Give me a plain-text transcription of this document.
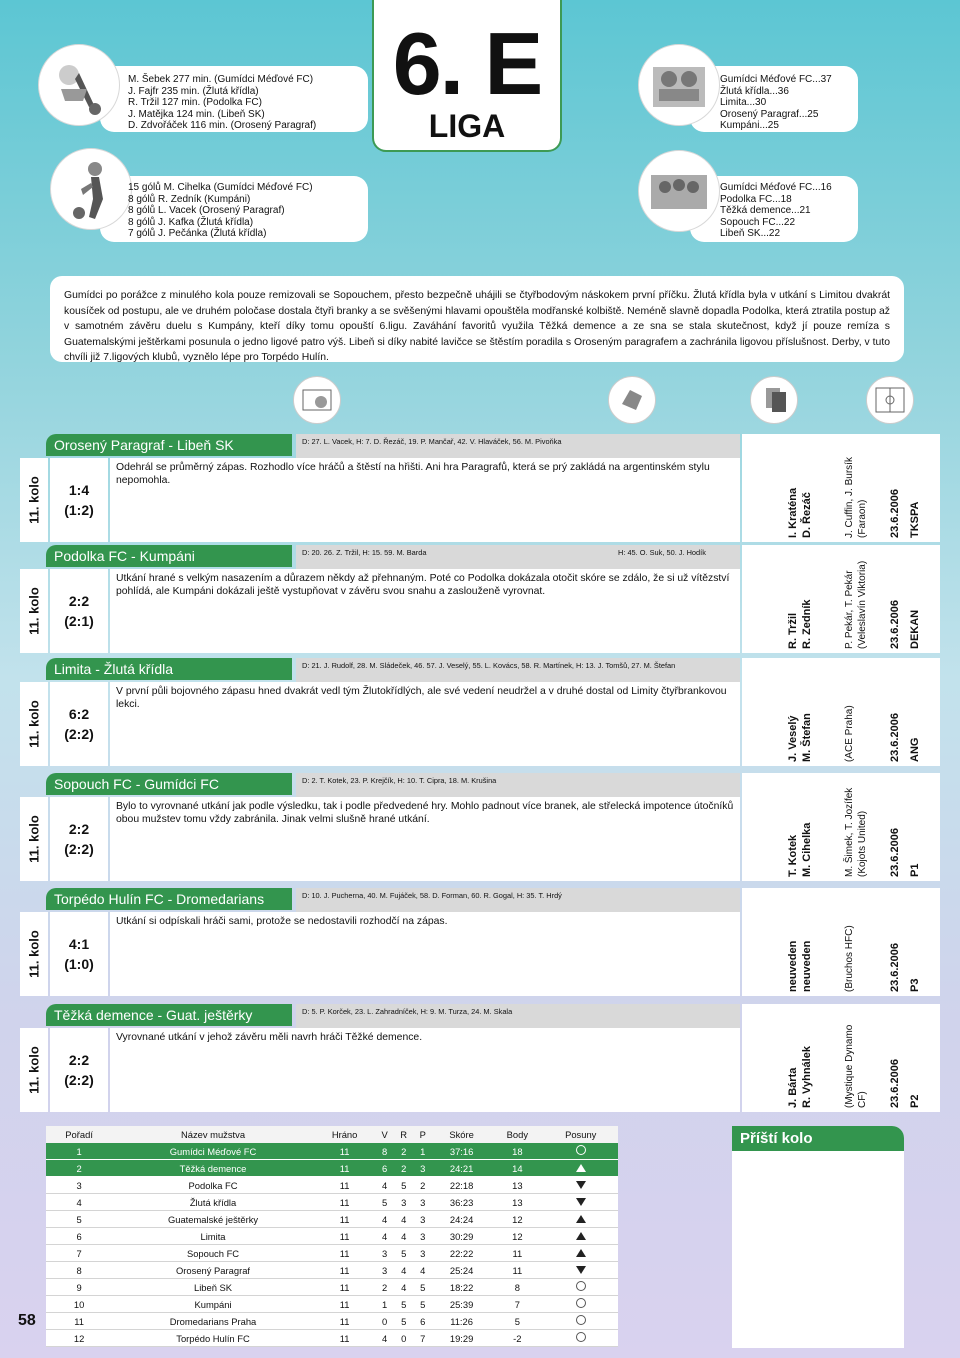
6. E
LIGA
M. Šebek 277 min. (Gumídci Méďové FC)
J. Fajfr 235 min. (Žlutá křídla)
R. Tržil 127 min. (Podolka FC)
J. Matějka 124 min. (Libeň SK)
D. Zdvořáček 116 min. (Orosený Paragraf)
Gumídci Méďové FC...37
Žlutá křídla...36
Limita...30
Orosený Paragraf...25
Kumpáni...25
15 gólů M. Cihelka (Gumídci Méďové FC)
8 gólů R. Zedník (Kumpáni)
8 gólů L. Vacek (Orosený Paragraf)
8 gólů J. Kafka (Žlutá křídla)
7 gólů J. Pečánka (Žlutá křídla)
Gumídci Méďové FC...16
Podolka FC...18
Těžká demence...21
Sopouch FC...22
Libeň SK...22
Gumídci po porážce z minulého kola pouze remizovali se Sopouchem, přesto bezpečně uhájili se čtyřbodovým náskokem první příčku. Žlutá křídla byla v utkání s Limitou dvakrát kousíček od postupu, ale ve druhém poločase dostala čtyři branky a se svěšenými hlavami opouštěla modřanské kolbiště. Neméně slavně dopadla Podolka, která ztratila postup až v samotném závěru duelu s Kumpány, kteří díky tomu opouští 6.ligu. Zaváhání favoritů využila Těžká demence a ze sna se stala skutečnost, když jí pouze remíza s Guatemalskými ještěrkami posunula o jedno ligové patro výš. Libeň si díky nabité lavičce se štěstím poradila s Oroseným paragrafem a zachránila ligovou příslušnost. Derby, v tuto chvíli již 7.ligových klubů, vyznělo lépe pro Torpédo Hulín.
11. kolo	1:4
(1:2)
Orosený Paragraf - Libeň SK	D: 27. L. Vacek, H: 7. D. Řezáč, 19. P. Mančař, 42. V. Hlaváček, 56. M. Pivoňka
Odehrál se průměrný zápas. Rozhodlo více hráčů a štěstí na hřišti. Ani hra Paragrafů, která se prý zakládá na argentinském stylu nepomohla.
I. Kraténa D. Řezáč	J. Cuffin, J. Bursík (Faraon) 23.6.2006 TKSPA
11. kolo	2:2
(2:1)
Podolka FC - Kumpáni	D: 20. 26. Z. Tržil, H: 15. 59. M. Barda	H: 45. O. Suk, 50. J. Hodík
Utkání hrané s velkým nasazením a důrazem někdy až přehnaným. Poté co Podolka dokázala otočit skóre se zdálo, že si už vítězství pohlídá, ale Kumpáni dokázali ještě vystupňovat v závěru svou snahu a zaslouženě vyrovnat.
R. Tržil R. Zedník	P. Pekár, T. Pekár (Veleslavín Viktoria) 23.6.2006 DEKAN
11. kolo	6:2
(2:2)
Limita - Žlutá křídla	D: 21. J. Rudolf, 28. M. Sládeček, 46. 57. J. Veselý, 55. L. Kovács, 58. R. Martínek, H: 13. J. Tomšů, 27. M. Štefan
V první půli bojovného zápasu hned dvakrát vedl tým Žlutokřídlých, ale své vedení neudržel a v druhé dostal od Limity čtyřbrankovou lekci.
J. Veselý M. Štefan	(ACE Praha)	23.6.2006 ANG
11. kolo	2:2
(2:2)
Sopouch FC - Gumídci FC	D: 2. T. Kotek, 23. P. Krejčík, H: 10. T. Cipra, 18. M. Krušina
Bylo to vyrovnané utkání jak podle výsledku, tak i podle předvedené hry. Mohlo padnout více branek, ale střelecká impotence útočníků obou mužstev tomu vždy zabránila. Jinak velmi slušně hrané utkání.
T. Kotek M. Cihelka	M. Šimek, T. Jozífek (Kojots United) 23.6.2006 P1
11. kolo	4:1
(1:0)
Torpédo Hulín FC - Dromedarians	D: 10. J. Pucherna, 40. M. Fujáček, 58. D. Forman, 60. R. Gogal, H: 35. T. Hrdý
Utkání si odpískali hráči sami, protože se nedostavili rozhodčí na zápas.
neuveden neuveden	(Bruchos HFC)	23.6.2006 P3
11. kolo	2:2
(2:2)
Těžká demence - Guat. ještěrky	D: 5. P. Korček, 23. L. Zahradníček, H: 9. M. Turza, 24. M. Skala
Vyrovnané utkání v jehož závěru měli navrh hráči Těžké demence.
J. Bárta R. Vyhnálek	(Mystique Dynamo CF) 23.6.2006 P2
Pořadí	Název mužstva	Hráno	V	R	P	Skóre	Body	Posuny
1	Gumídci Méďové FC	11	8	2	1	37:16	18	
2	Těžká demence	11	6	2	3	24:21	14	
3	Podolka FC	11	4	5	2	22:18	13	
4	Žlutá křídla	11	5	3	3	36:23	13	
5	Guatemalské ještěrky	11	4	4	3	24:24	12	
6	Limita	11	4	4	3	30:29	12	
7	Sopouch FC	11	3	5	3	22:22	11	
8	Orosený Paragraf	11	3	4	4	25:24	11	
9	Libeň SK	11	2	4	5	18:22	8	
10	Kumpáni	11	1	5	5	25:39	7	
11	Dromedarians Praha	11	0	5	6	11:26	5	
12	Torpédo Hulín FC	11	4	0	7	19:29	-2	
Příští kolo
58
